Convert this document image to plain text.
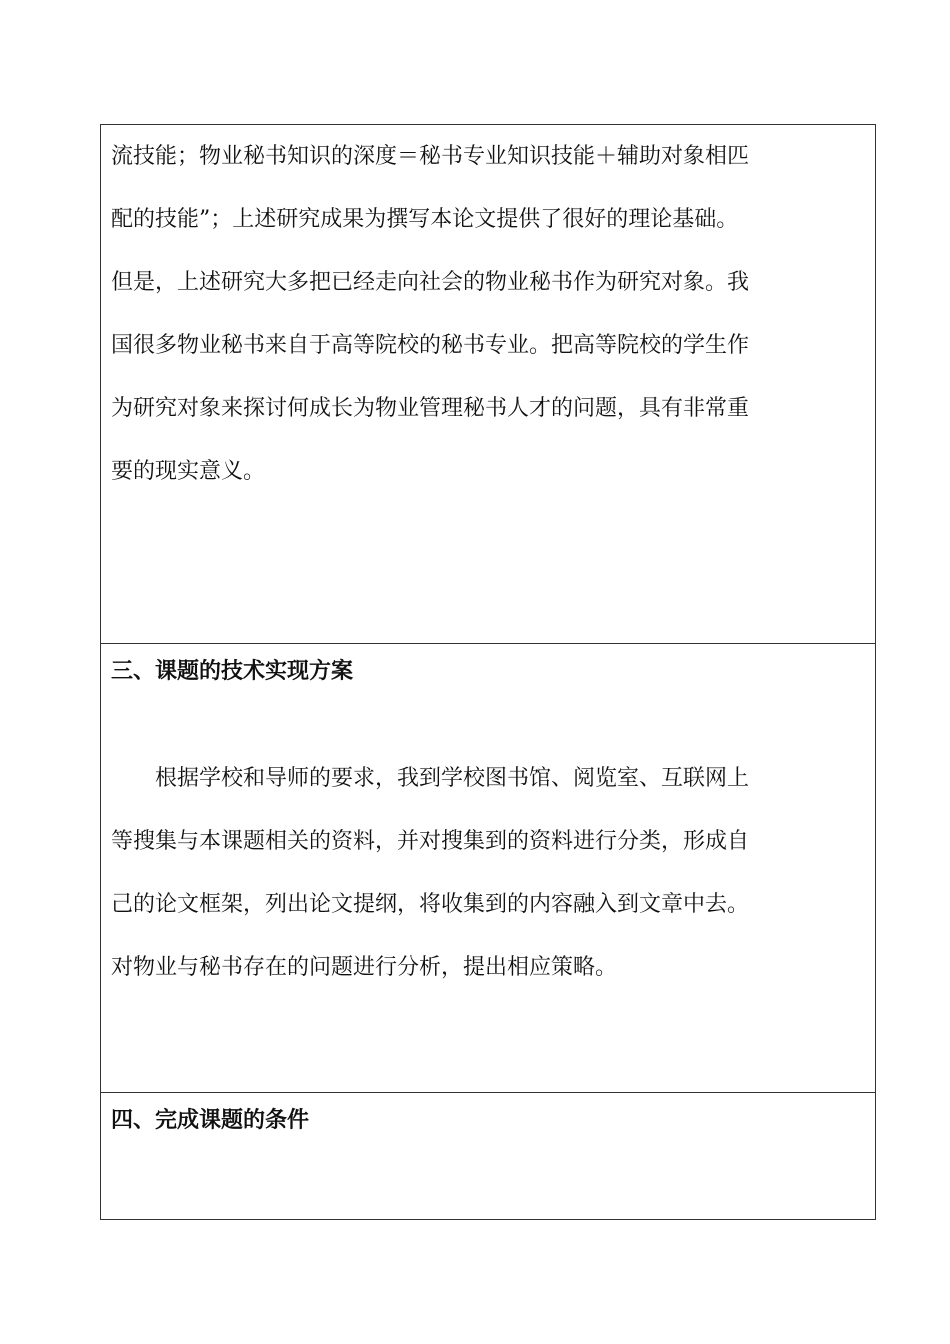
流技能；物业秘书知识的深度＝秘书专业知识技能＋辅助对象相匹
配的技能”；上述研究成果为撰写本论文提供了很好的理论基础。
但是，上述研究大多把已经走向社会的物业秘书作为研究对象。我
国很多物业秘书来自于高等院校的秘书专业。把高等院校的学生作
为研究对象来探讨何成长为物业管理秘书人才的问题，具有非常重
要的现实意义。

三、课题的技术实现方案
根据学校和导师的要求，我到学校图书馆、阅览室、互联网上
等搜集与本课题相关的资料，并对搜集到的资料进行分类，形成自
己的论文框架，列出论文提纲，将收集到的内容融入到文章中去。
对物业与秘书存在的问题进行分析，提出相应策略。

四、完成课题的条件
